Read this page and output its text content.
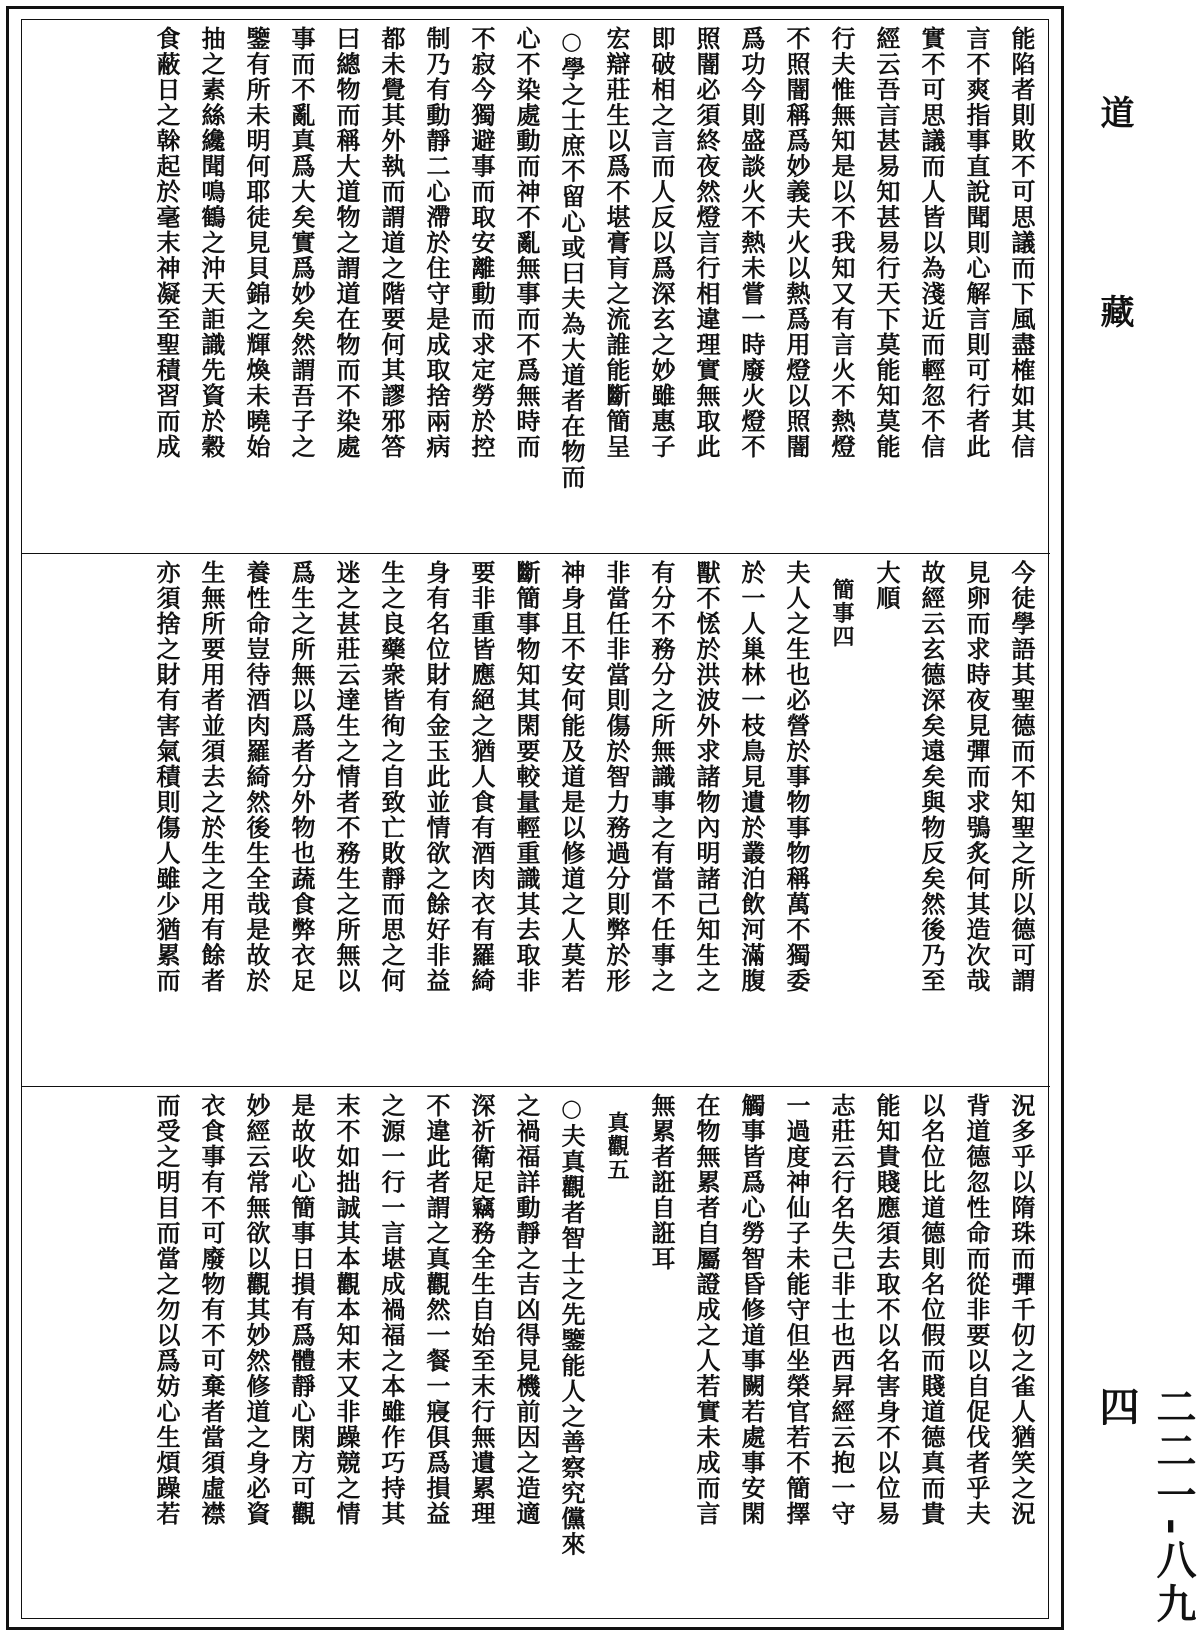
能陷者則敗不可思議而下風盡榷如其信
言不爽指事直說聞則心解言則可行者此
實不可思議而人皆以為淺近而輕忽不信
經云吾言甚易知甚易行天下莫能知莫能
行夫惟無知是以不我知又有言火不熱燈
不照闇稱爲妙義夫火以熱爲用燈以照闇
爲功今則盛談火不熱未嘗一時廢火燈不
照闇必須終夜然燈言行相違理實無取此
即破相之言而人反以爲深玄之妙雖惠子
宏辯莊生以爲不堪膏肓之流誰能斷簡呈
○學之士庶不留心或曰夫為大道者在物而
心不染處動而神不亂無事而不爲無時而
不寂今獨避事而取安離動而求定勞於控
制乃有動靜二心滯於住守是成取捨兩病
都未覺其外執而謂道之階要何其謬邪答
曰總物而稱大道物之謂道在物而不染處
事而不亂真爲大矣實爲妙矣然謂吾子之
鑒有所未明何耶徒見貝錦之輝煥未曉始
抽之素絲纔聞鳴鶴之沖天詎識先資於穀
食蔽日之榦起於毫末神凝至聖積習而成
今徒學語其聖德而不知聖之所以德可謂
見卵而求時夜見彈而求鴞炙何其造次哉
故經云玄德深矣遠矣與物反矣然後乃至
大順
簡事四
夫人之生也必營於事物事物稱萬不獨委
於一人巢林一枝鳥見遺於叢泊飲河滿腹
獸不恡於洪波外求諸物內明諸己知生之
有分不務分之所無識事之有當不任事之
非當任非當則傷於智力務過分則弊於形
神身且不安何能及道是以修道之人莫若
斷簡事物知其閑要較量輕重識其去取非
要非重皆應絕之猶人食有酒肉衣有羅綺
身有名位財有金玉此並情欲之餘好非益
生之良藥衆皆徇之自致亡敗靜而思之何
迷之甚莊云達生之情者不務生之所無以
爲生之所無以爲者分外物也蔬食弊衣足
養性命豈待酒肉羅綺然後生全哉是故於
生無所要用者並須去之於生之用有餘者
亦須捨之財有害氣積則傷人雖少猶累而
況多乎以隋珠而彈千仞之雀人猶笑之況
背道德忽性命而從非要以自促伐者乎夫
以名位比道德則名位假而賤道德真而貴
能知貴賤應須去取不以名害身不以位易
志莊云行名失己非士也西昇經云抱一守
一過度神仙子未能守但坐榮官若不簡擇
觸事皆爲心勞智昏修道事闕若處事安閑
在物無累者自屬證成之人若實未成而言
無累者誑自誑耳
真觀五
○夫真觀者智士之先鑒能人之善察究儻來
之禍福詳動靜之吉凶得見機前因之造適
深祈衛足竊務全生自始至末行無遺累理
不違此者謂之真觀然一餐一寢俱爲損益
之源一行一言堪成禍福之本雖作巧持其
末不如拙誠其本觀本知末又非躁競之情
是故收心簡事日損有爲體靜心閑方可觀
妙經云常無欲以觀其妙然修道之身必資
衣食事有不可廢物有不可棄者當須虛襟
而受之明目而當之勿以爲妨心生煩躁若
道藏
二二一-八九四
